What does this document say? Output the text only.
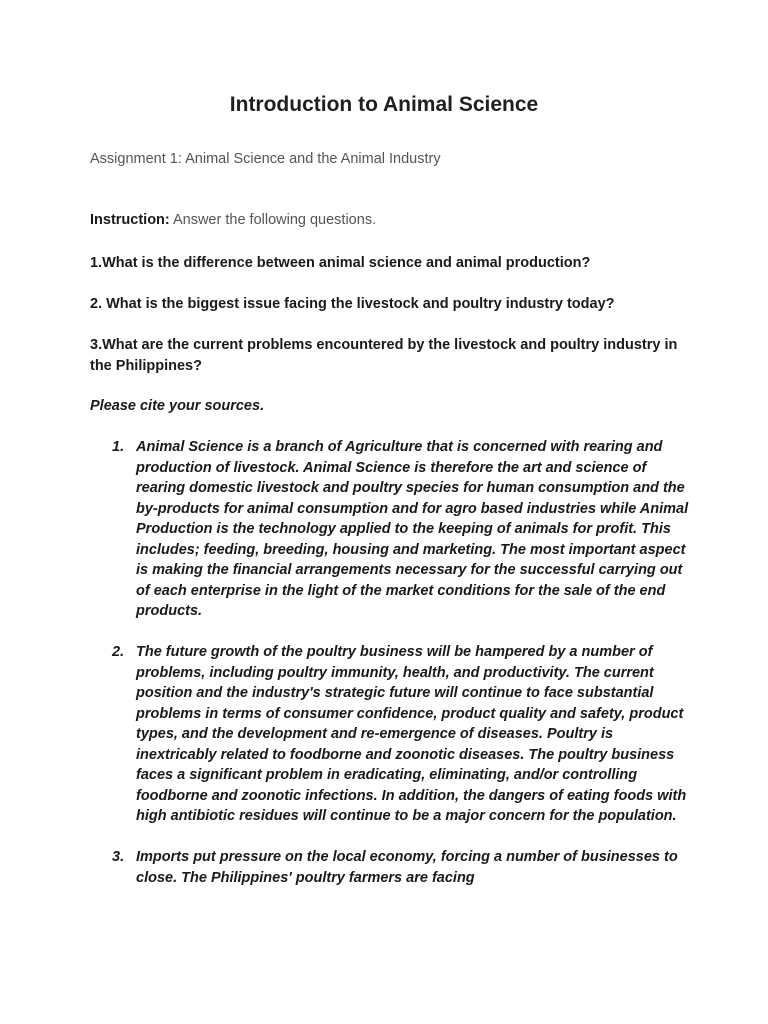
Introduction to Animal Science

Assignment 1: Animal Science and the Animal Industry

Instruction: Answer the following questions.

1.What is the difference between animal science and animal production?

2. What is the biggest issue facing the livestock and poultry industry today?

3.What are the current problems encountered by the livestock and poultry industry in the Philippines?

Please cite your sources.

1. Animal Science is a branch of Agriculture that is concerned with rearing and production of livestock. Animal Science is therefore the art and science of rearing domestic livestock and poultry species for human consumption and the by-products for animal consumption and for agro based industries while Animal Production is the technology applied to the keeping of animals for profit. This includes; feeding, breeding, housing and marketing. The most important aspect is making the financial arrangements necessary for the successful carrying out of each enterprise in the light of the market conditions for the sale of the end products.
2. The future growth of the poultry business will be hampered by a number of problems, including poultry immunity, health, and productivity. The current position and the industry's strategic future will continue to face substantial problems in terms of consumer confidence, product quality and safety, product types, and the development and re-emergence of diseases. Poultry is inextricably related to foodborne and zoonotic diseases. The poultry business faces a significant problem in eradicating, eliminating, and/or controlling foodborne and zoonotic infections. In addition, the dangers of eating foods with high antibiotic residues will continue to be a major concern for the population.
3. Imports put pressure on the local economy, forcing a number of businesses to close. The Philippines' poultry farmers are facing
